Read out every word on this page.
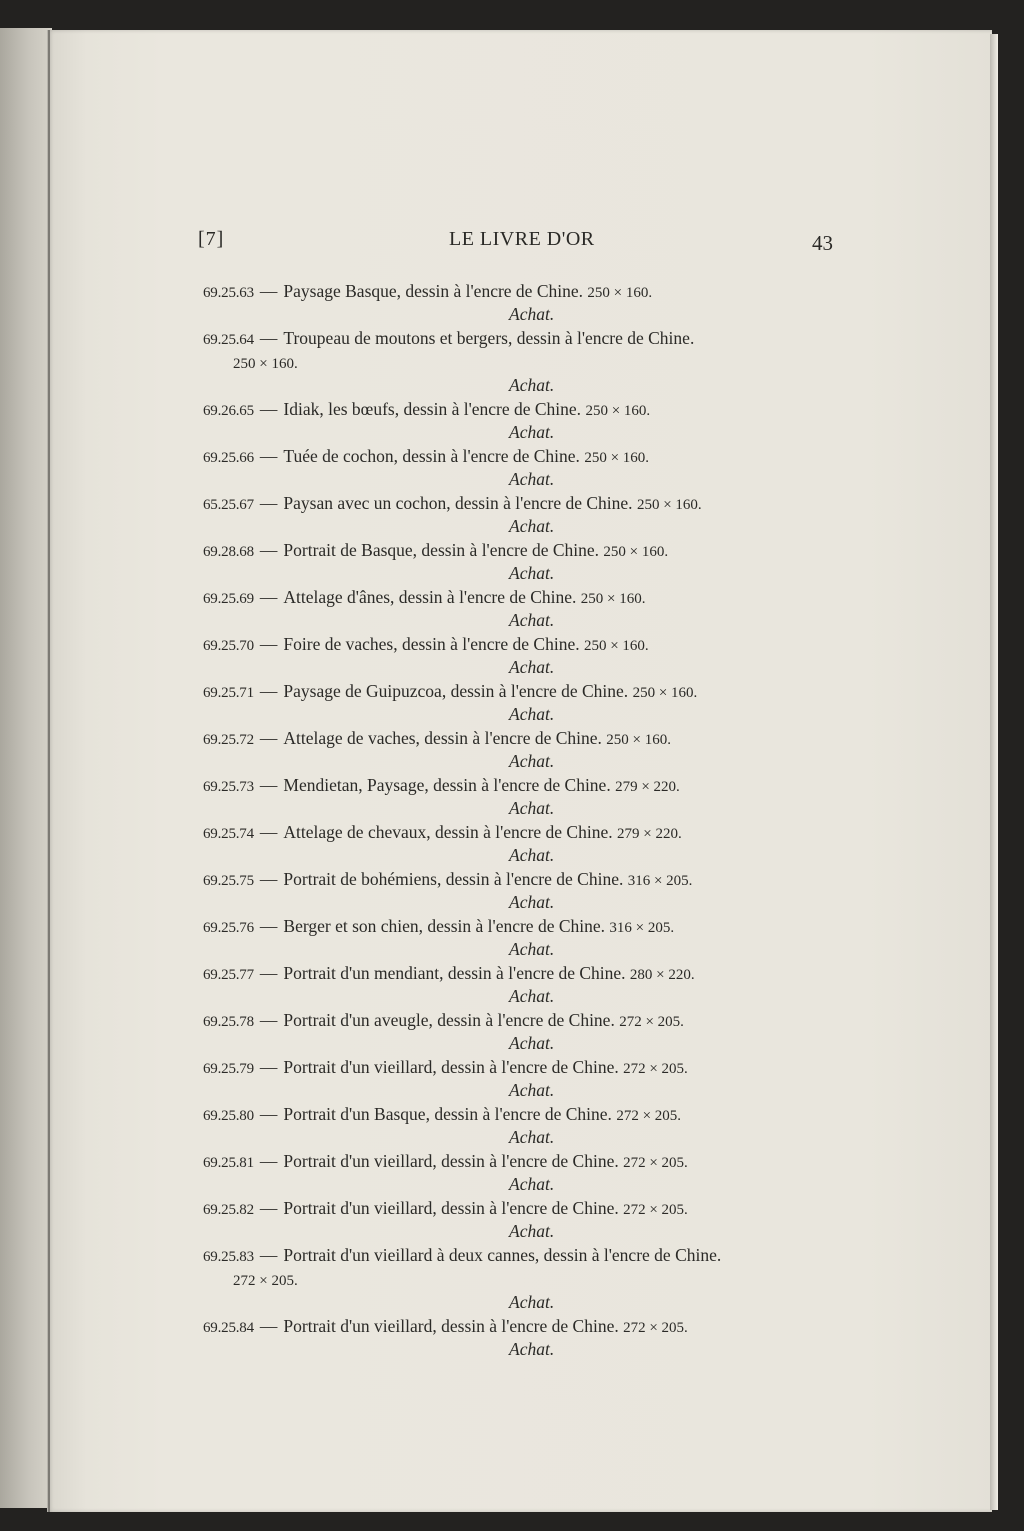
[7]	LE LIVRE D'OR	43
69.25.63 — Paysage Basque, dessin à l'encre de Chine. 250 × 160.
Achat.
69.25.64 — Troupeau de moutons et bergers, dessin à l'encre de Chine.
250 × 160.
Achat.
69.26.65 — Idiak, les bœufs, dessin à l'encre de Chine. 250 × 160.
Achat.
69.25.66 — Tuée de cochon, dessin à l'encre de Chine. 250 × 160.
Achat.
65.25.67 — Paysan avec un cochon, dessin à l'encre de Chine. 250 × 160.
Achat.
69.28.68 — Portrait de Basque, dessin à l'encre de Chine. 250 × 160.
Achat.
69.25.69 — Attelage d'ânes, dessin à l'encre de Chine. 250 × 160.
Achat.
69.25.70 — Foire de vaches, dessin à l'encre de Chine. 250 × 160.
Achat.
69.25.71 — Paysage de Guipuzcoa, dessin à l'encre de Chine. 250 × 160.
Achat.
69.25.72 — Attelage de vaches, dessin à l'encre de Chine. 250 × 160.
Achat.
69.25.73 — Mendietan, Paysage, dessin à l'encre de Chine. 279 × 220.
Achat.
69.25.74 — Attelage de chevaux, dessin à l'encre de Chine. 279 × 220.
Achat.
69.25.75 — Portrait de bohémiens, dessin à l'encre de Chine. 316 × 205.
Achat.
69.25.76 — Berger et son chien, dessin à l'encre de Chine. 316 × 205.
Achat.
69.25.77 — Portrait d'un mendiant, dessin à l'encre de Chine. 280 × 220.
Achat.
69.25.78 — Portrait d'un aveugle, dessin à l'encre de Chine. 272 × 205.
Achat.
69.25.79 — Portrait d'un vieillard, dessin à l'encre de Chine. 272 × 205.
Achat.
69.25.80 — Portrait d'un Basque, dessin à l'encre de Chine. 272 × 205.
Achat.
69.25.81 — Portrait d'un vieillard, dessin à l'encre de Chine. 272 × 205.
Achat.
69.25.82 — Portrait d'un vieillard, dessin à l'encre de Chine. 272 × 205.
Achat.
69.25.83 — Portrait d'un vieillard à deux cannes, dessin à l'encre de Chine.
272 × 205.
Achat.
69.25.84 — Portrait d'un vieillard, dessin à l'encre de Chine. 272 × 205.
Achat.
